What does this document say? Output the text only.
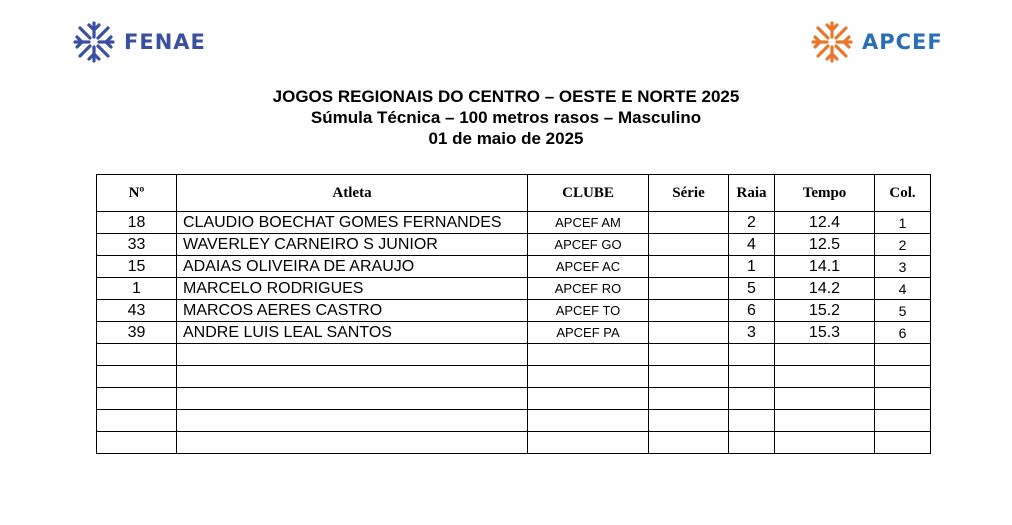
FENAE	APCEF
JOGOS REGIONAIS DO CENTRO – OESTE E NORTE 2025
Súmula Técnica – 100 metros rasos – Masculino
01 de maio de 2025
Nº	Atleta	CLUBE	Série	Raia	Tempo	Col.
18	CLAUDIO BOECHAT GOMES FERNANDES	APCEF AM		2	12.4	1
33	WAVERLEY CARNEIRO S JUNIOR	APCEF GO		4	12.5	2
15	ADAIAS OLIVEIRA DE ARAUJO	APCEF AC		1	14.1	3
1	MARCELO RODRIGUES	APCEF RO		5	14.2	4
43	MARCOS AERES CASTRO	APCEF TO		6	15.2	5
39	ANDRE LUIS LEAL SANTOS	APCEF PA		3	15.3	6
